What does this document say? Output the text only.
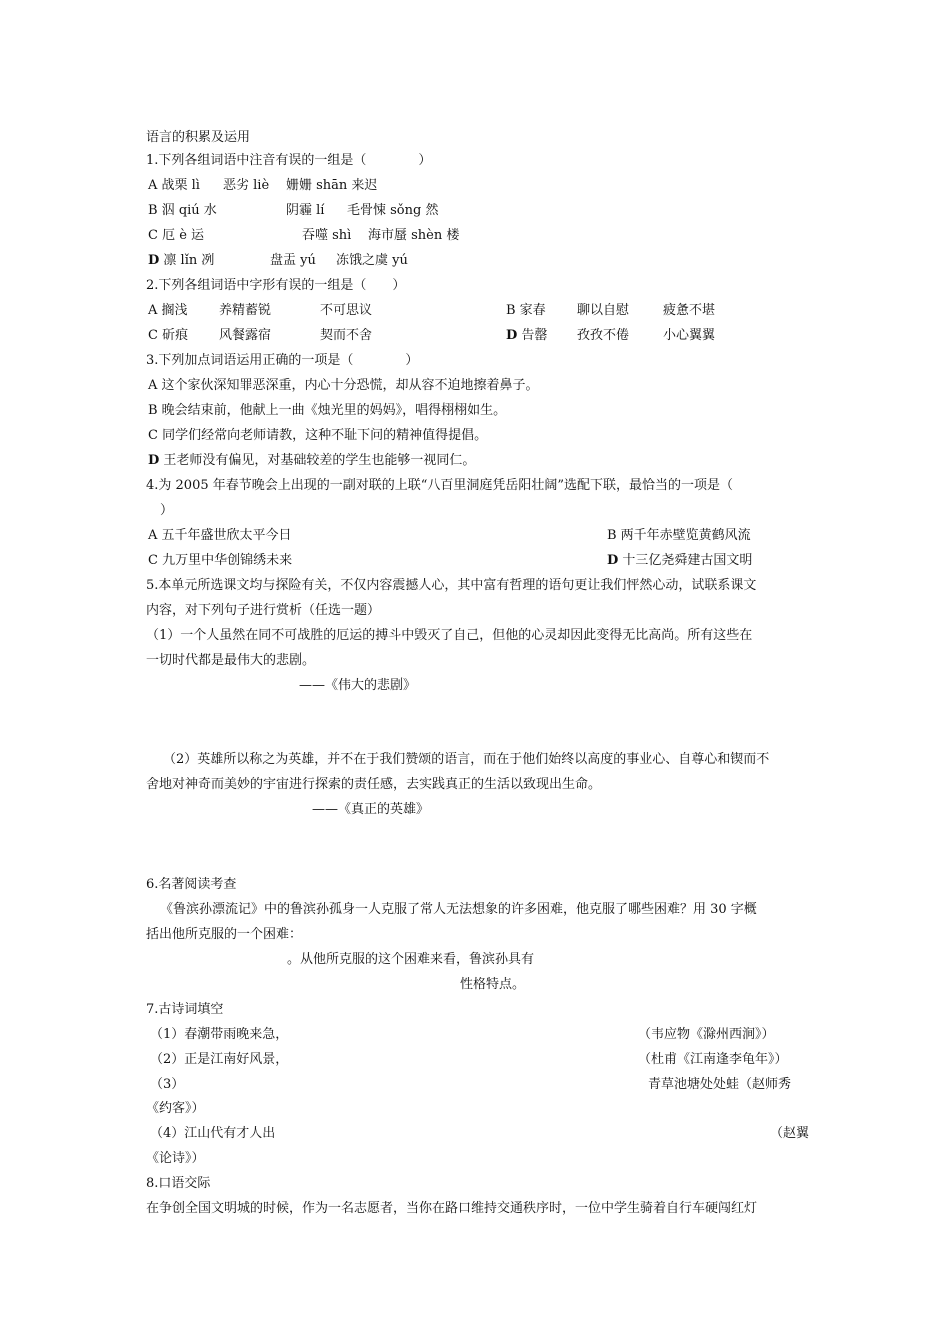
语言的积累及运用
1.下列各组词语中注音有误的一组是（　　　　）
A 战栗 lì 恶劣 liè 姗姗 shān 来迟
B 泅 qiú 水	阴霾 lí 毛骨悚 sǒng 然
C 厄 è 运	吞噬 shì 海市蜃 shèn 楼
D 凛 lǐn 冽	盘盂 yú 冻饿之虞 yú
2.下列各组词语中字形有误的一组是（　　）
A 搁浅 养精蓄锐	不可思议	B 家春 聊以自慰	疲惫不堪
C 斫痕 风餐露宿	契而不舍	D 告罄 孜孜不倦	小心翼翼
3.下列加点词语运用正确的一项是（　　　　）
A 这个家伙深知罪恶深重，内心十分恐慌，却从容不迫地擦着鼻子。
B 晚会结束前，他献上一曲《烛光里的妈妈》，唱得栩栩如生。
C 同学们经常向老师请教，这种不耻下问的精神值得提倡。
D 王老师没有偏见，对基础较差的学生也能够一视同仁。
4.为 2005 年春节晚会上出现的一副对联的上联“八百里洞庭凭岳阳壮阔”选配下联，最恰当的一项是（
）
A 五千年盛世欣太平今日	B 两千年赤壁览黄鹤风流
C 九万里中华创锦绣未来	D 十三亿尧舜建古国文明
5.本单元所选课文均与探险有关，不仅内容震撼人心，其中富有哲理的语句更让我们怦然心动，试联系课文
内容，对下列句子进行赏析（任选一题）
（1）一个人虽然在同不可战胜的厄运的搏斗中毁灭了自己，但他的心灵却因此变得无比高尚。所有这些在
一切时代都是最伟大的悲剧。
——《伟大的悲剧》
（2）英雄所以称之为英雄，并不在于我们赞颂的语言，而在于他们始终以高度的事业心、自尊心和锲而不
舍地对神奇而美妙的宇宙进行探索的责任感，去实践真正的生活以致现出生命。
——《真正的英雄》
6.名著阅读考查
《鲁滨孙漂流记》中的鲁滨孙孤身一人克服了常人无法想象的许多困难，他克服了哪些困难？用 30 字概
括出他所克服的一个困难：
。从他所克服的这个困难来看，鲁滨孙具有
性格特点。
7.古诗词填空
（1）春潮带雨晚来急，	（韦应物《滁州西涧》）
（2）正是江南好风景，	（杜甫《江南逢李龟年》）
（3）	青草池塘处处蛙（赵师秀
《约客》）
（4）江山代有才人出	（赵翼
《论诗》）
8.口语交际
在争创全国文明城的时候，作为一名志愿者，当你在路口维持交通秩序时，一位中学生骑着自行车硬闯红灯
